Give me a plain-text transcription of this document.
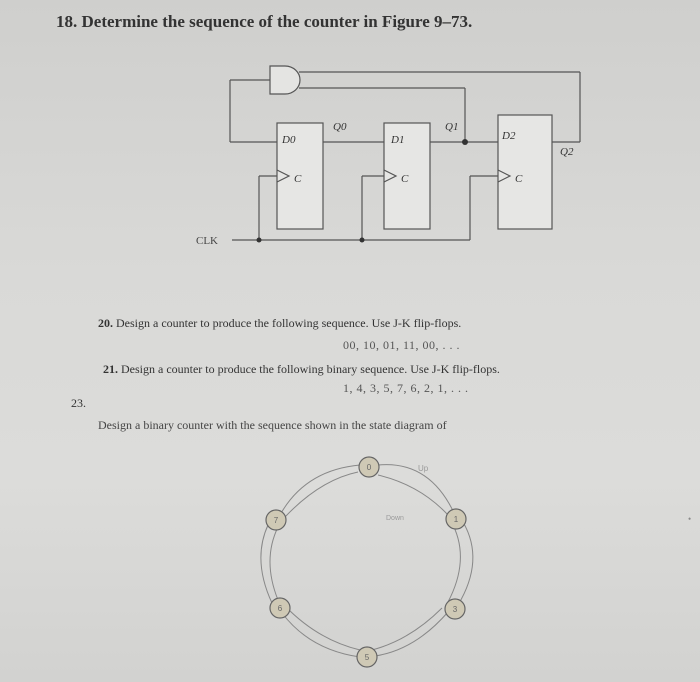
18. Determine the sequence of the counter in Figure 9–73.
D0
C
Q0
D1
C
Q1
D2
C
Q2
CLK
0
1
3
5
6
7
Up
Down	•
20. Design a counter to produce the following sequence. Use J-K flip-flops.
00, 10, 01, 11, 00, . . .
21. Design a counter to produce the following binary sequence. Use J-K flip-flops.
1, 4, 3, 5, 7, 6, 2, 1, . . .
23.
Design a binary counter with the sequence shown in the state diagram of
